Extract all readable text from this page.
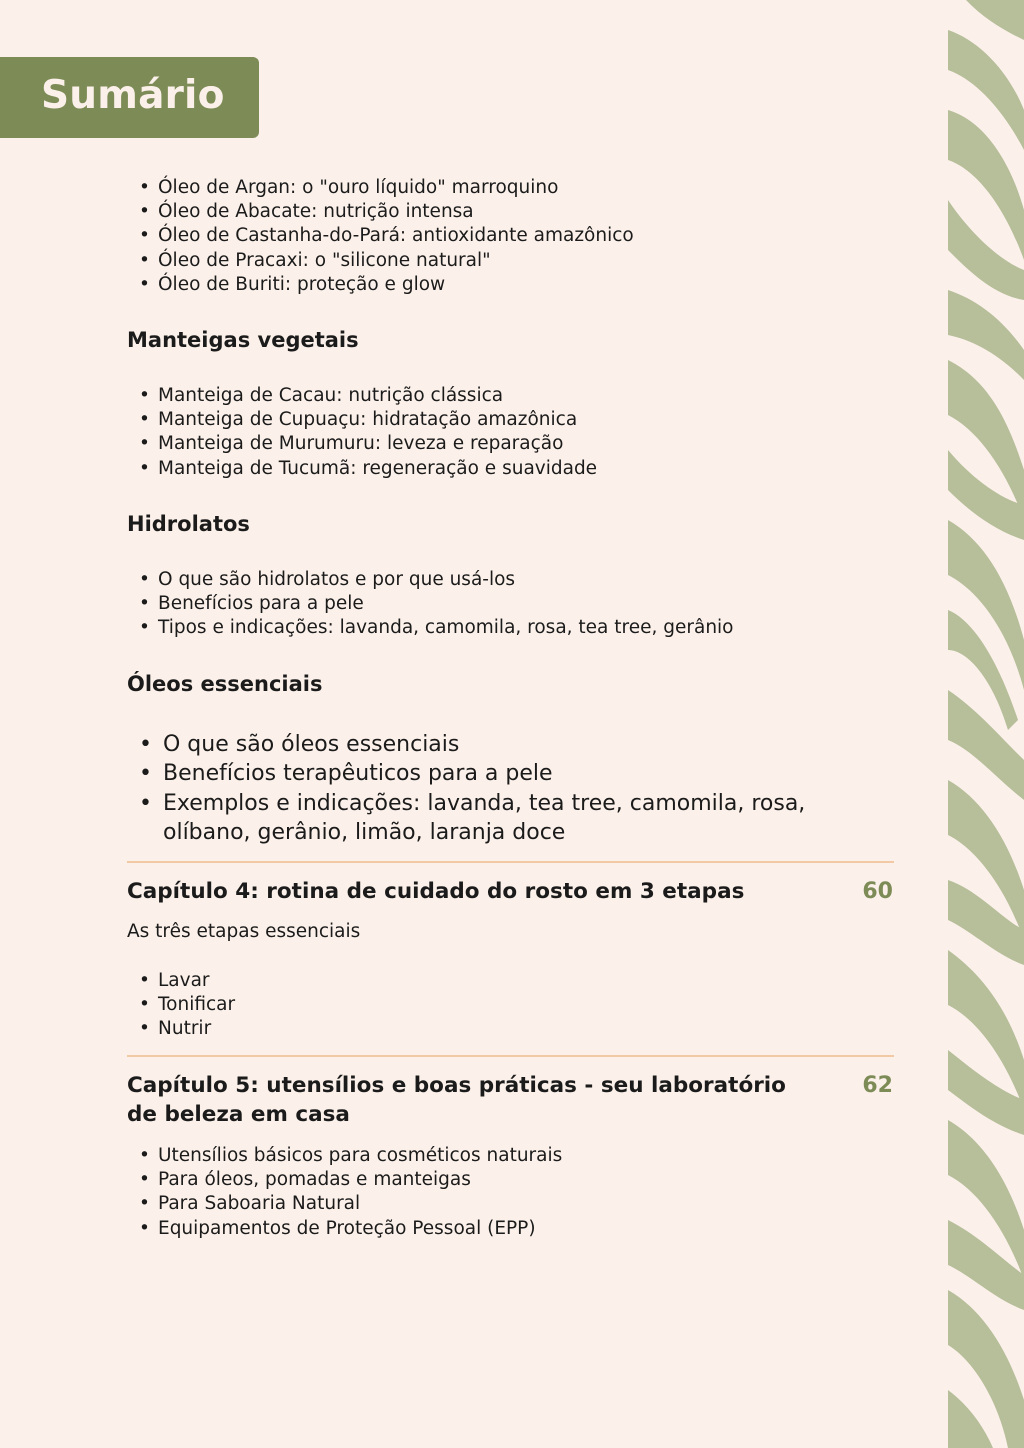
Sumário
• Óleo de Argan: o "ouro líquido" marroquino
• Óleo de Abacate: nutrição intensa
• Óleo de Castanha-do-Pará: antioxidante amazônico
• Óleo de Pracaxi: o "silicone natural"
• Óleo de Buriti: proteção e glow
Manteigas vegetais
• Manteiga de Cacau: nutrição clássica
• Manteiga de Cupuaçu: hidratação amazônica
• Manteiga de Murumuru: leveza e reparação
• Manteiga de Tucumã: regeneração e suavidade
Hidrolatos
• O que são hidrolatos e por que usá-los
• Benefícios para a pele
• Tipos e indicações: lavanda, camomila, rosa, tea tree, gerânio
Óleos essenciais
• O que são óleos essenciais
• Benefícios terapêuticos para a pele
• Exemplos e indicações: lavanda, tea tree, camomila, rosa, olíbano, gerânio, limão, laranja doce
Capítulo 4: rotina de cuidado do rosto em 3 etapas	60
As três etapas essenciais
• Lavar
• Tonificar
• Nutrir
Capítulo 5: utensílios e boas práticas - seu laboratório de beleza em casa
62
• Utensílios básicos para cosméticos naturais
• Para óleos, pomadas e manteigas
• Para Saboaria Natural
• Equipamentos de Proteção Pessoal (EPP)
